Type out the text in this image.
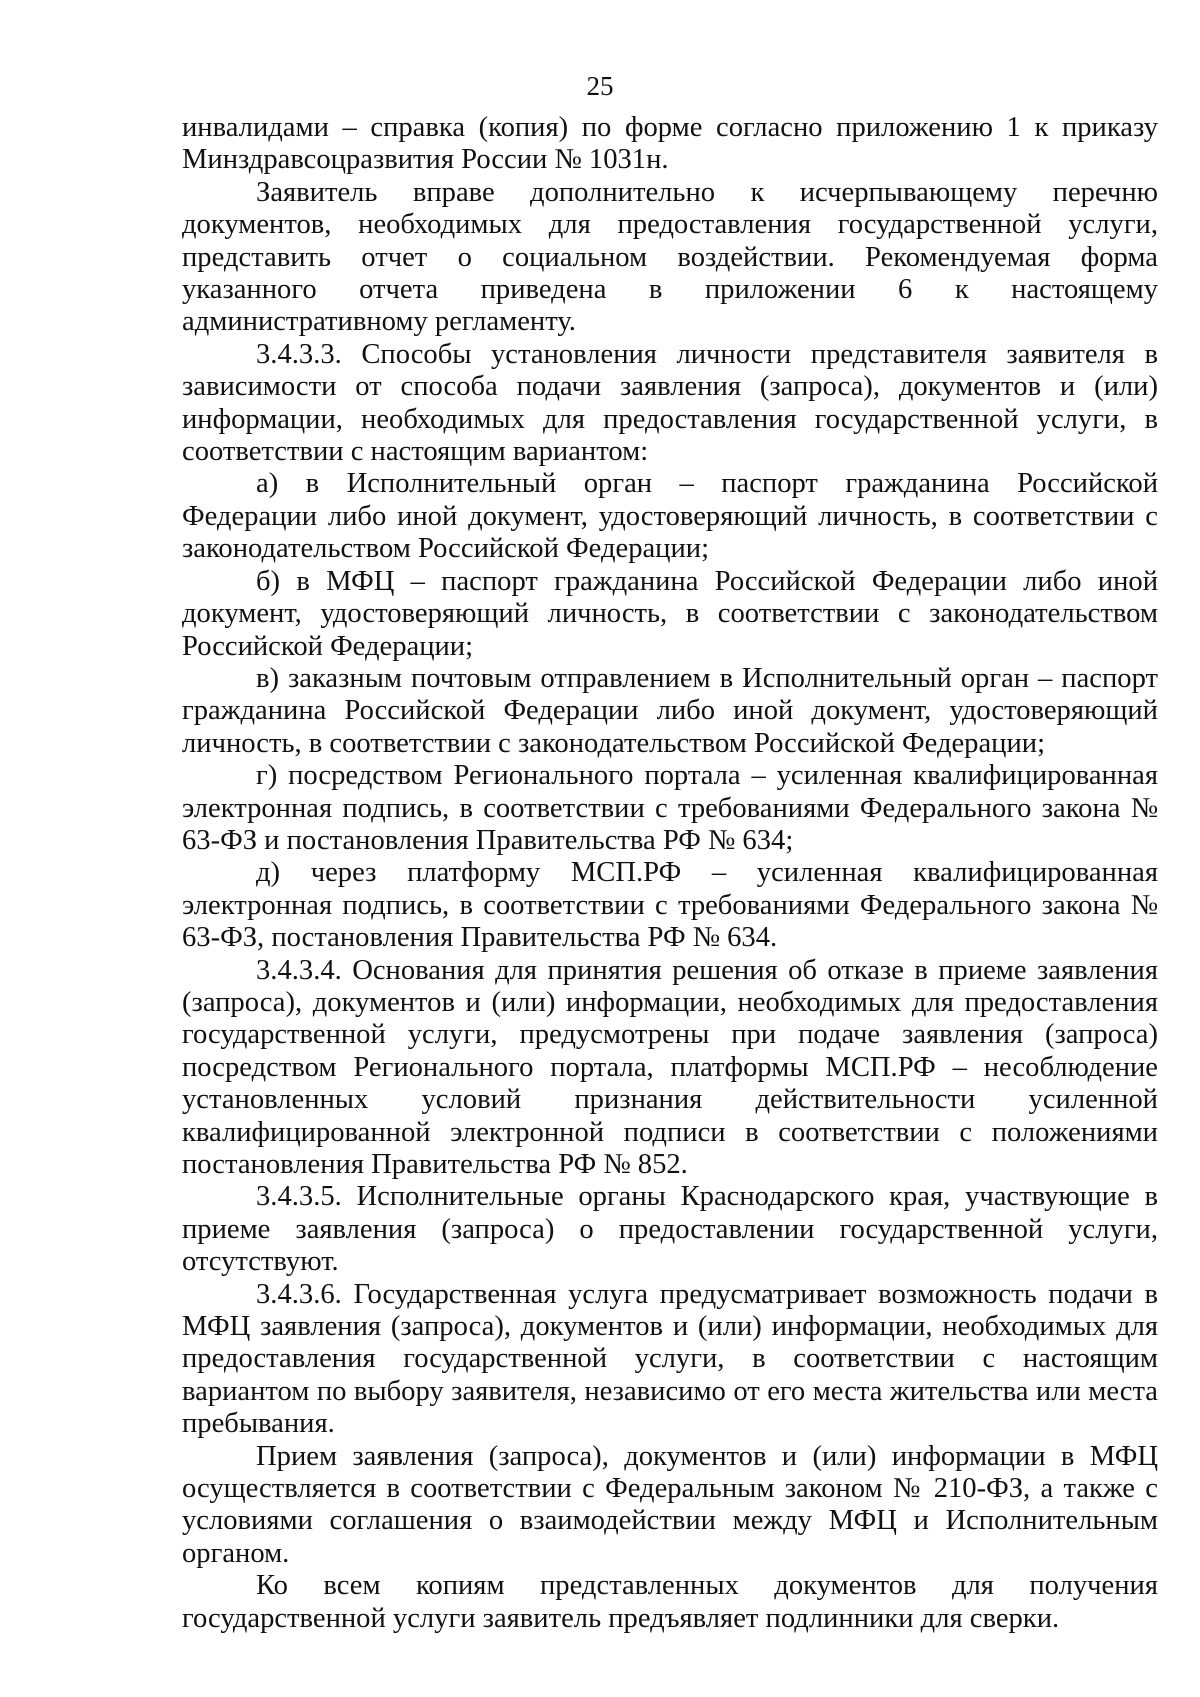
25

инвалидами – справка (копия) по форме согласно приложению 1 к приказу Минздравсоцразвития России № 1031н.

Заявитель вправе дополнительно к исчерпывающему перечню документов, необходимых для предоставления государственной услуги, представить отчет о социальном воздействии. Рекомендуемая форма указанного отчета приведена в приложении 6 к настоящему административному регламенту.

3.4.3.3. Способы установления личности представителя заявителя в зависимости от способа подачи заявления (запроса), документов и (или) информации, необходимых для предоставления государственной услуги, в соответствии с настоящим вариантом:

а) в Исполнительный орган – паспорт гражданина Российской Федерации либо иной документ, удостоверяющий личность, в соответствии с законодательством Российской Федерации;

б) в МФЦ – паспорт гражданина Российской Федерации либо иной документ, удостоверяющий личность, в соответствии с законодательством Российской Федерации;

в) заказным почтовым отправлением в Исполнительный орган – паспорт гражданина Российской Федерации либо иной документ, удостоверяющий личность, в соответствии с законодательством Российской Федерации;

г) посредством Регионального портала – усиленная квалифицированная электронная подпись, в соответствии с требованиями Федерального закона № 63-ФЗ и постановления Правительства РФ № 634;

д) через платформу МСП.РФ – усиленная квалифицированная электронная подпись, в соответствии с требованиями Федерального закона № 63-ФЗ, постановления Правительства РФ № 634.

3.4.3.4. Основания для принятия решения об отказе в приеме заявления (запроса), документов и (или) информации, необходимых для предоставления государственной услуги, предусмотрены при подаче заявления (запроса) посредством Регионального портала, платформы МСП.РФ – несоблюдение установленных условий признания действительности усиленной квалифицированной электронной подписи в соответствии с положениями постановления Правительства РФ № 852.

3.4.3.5. Исполнительные органы Краснодарского края, участвующие в приеме заявления (запроса) о предоставлении государственной услуги, отсутствуют.

3.4.3.6. Государственная услуга предусматривает возможность подачи в МФЦ заявления (запроса), документов и (или) информации, необходимых для предоставления государственной услуги, в соответствии с настоящим вариантом по выбору заявителя, независимо от его места жительства или места пребывания.

Прием заявления (запроса), документов и (или) информации в МФЦ осуществляется в соответствии с Федеральным законом № 210-ФЗ, а также с условиями соглашения о взаимодействии между МФЦ и Исполнительным органом.

Ко всем копиям представленных документов для получения государственной услуги заявитель предъявляет подлинники для сверки.
